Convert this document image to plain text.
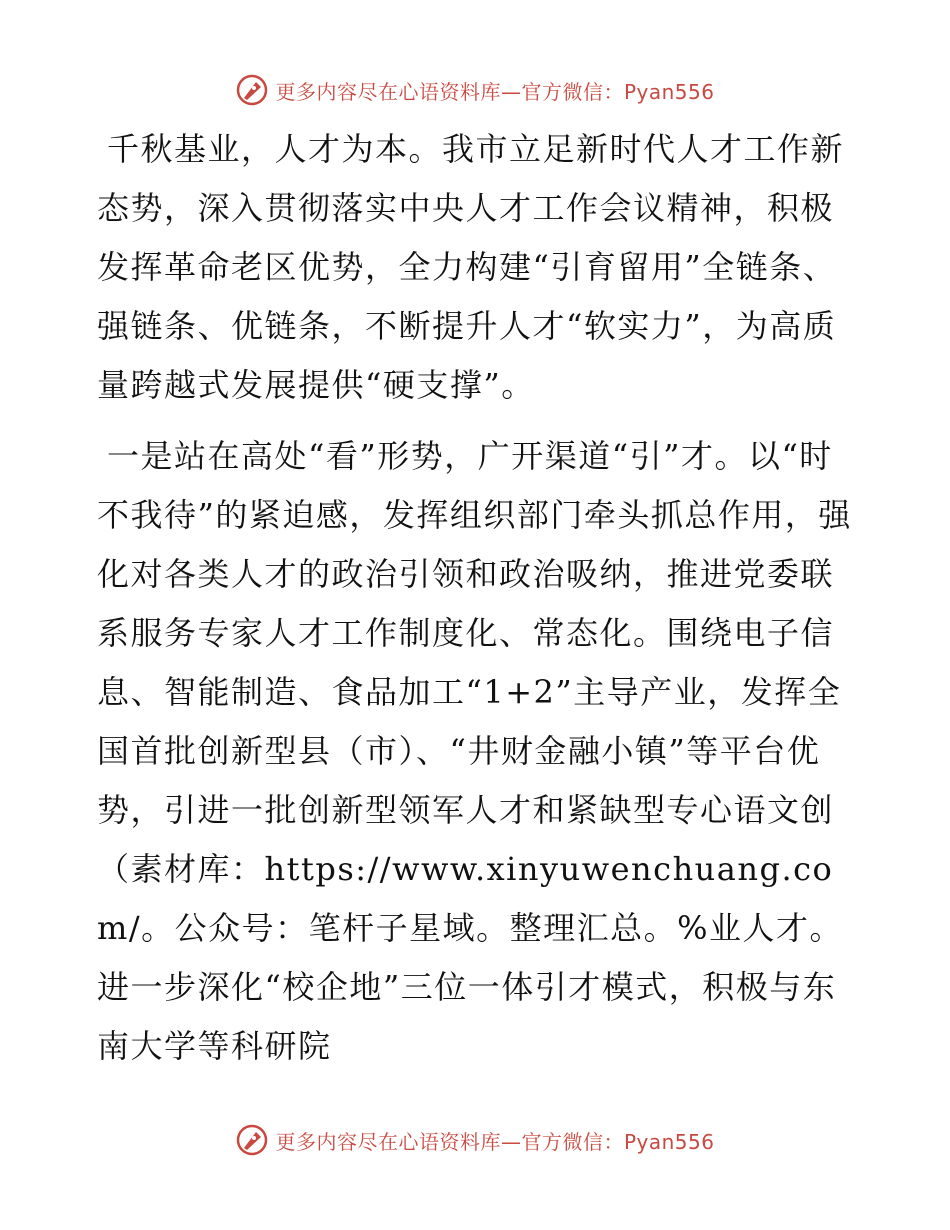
更多内容尽在心语资料库—官方微信：Pyan556

千秋基业，人才为本。我市立足新时代人才工作新态势，深入贯彻落实中央人才工作会议精神，积极发挥革命老区优势，全力构建“引育留用”全链条、强链条、优链条，不断提升人才“软实力”，为高质量跨越式发展提供“硬支撑”。

一是站在高处“看”形势，广开渠道“引”才。以“时不我待”的紧迫感，发挥组织部门牵头抓总作用，强化对各类人才的政治引领和政治吸纳，推进党委联系服务专家人才工作制度化、常态化。围绕电子信息、智能制造、食品加工“1+2”主导产业，发挥全国首批创新型县（市）、“井财金融小镇”等平台优势，引进一批创新型领军人才和紧缺型专心语文创（素材库：https://www.xinyuwenchuang.com/。公众号：笔杆子星域。整理汇总。%业人才。进一步深化“校企地”三位一体引才模式，积极与东南大学等科研院

更多内容尽在心语资料库—官方微信：Pyan556
